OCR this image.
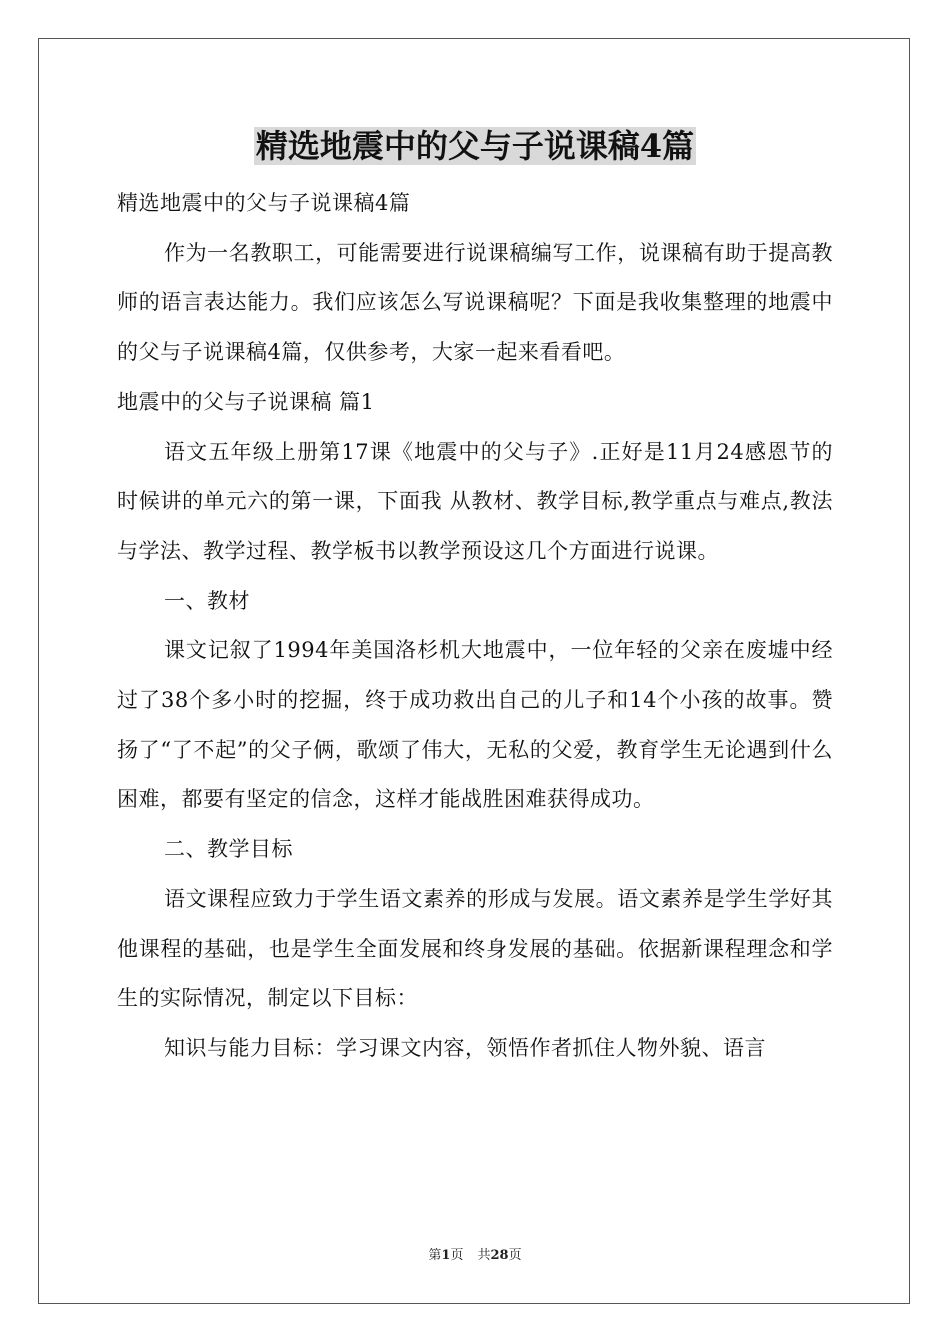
精选地震中的父与子说课稿4篇

精选地震中的父与子说课稿4篇

作为一名教职工，可能需要进行说课稿编写工作，说课稿有助于提高教师的语言表达能力。我们应该怎么写说课稿呢？下面是我收集整理的地震中的父与子说课稿4篇，仅供参考，大家一起来看看吧。

地震中的父与子说课稿 篇1

语文五年级上册第17课《地震中的父与子》.正好是11月24感恩节的时候讲的单元六的第一课，下面我 从教材、教学目标,教学重点与难点,教法与学法、教学过程、教学板书以教学预设这几个方面进行说课。

一、教材

课文记叙了1994年美国洛杉机大地震中，一位年轻的父亲在废墟中经过了38个多小时的挖掘，终于成功救出自己的儿子和14个小孩的故事。赞扬了“了不起”的父子俩，歌颂了伟大，无私的父爱，教育学生无论遇到什么困难，都要有坚定的信念，这样才能战胜困难获得成功。

二、教学目标

语文课程应致力于学生语文素养的形成与发展。语文素养是学生学好其他课程的基础，也是学生全面发展和终身发展的基础。依据新课程理念和学生的实际情况，制定以下目标：

知识与能力目标：学习课文内容，领悟作者抓住人物外貌、语言

第1页 共28页
